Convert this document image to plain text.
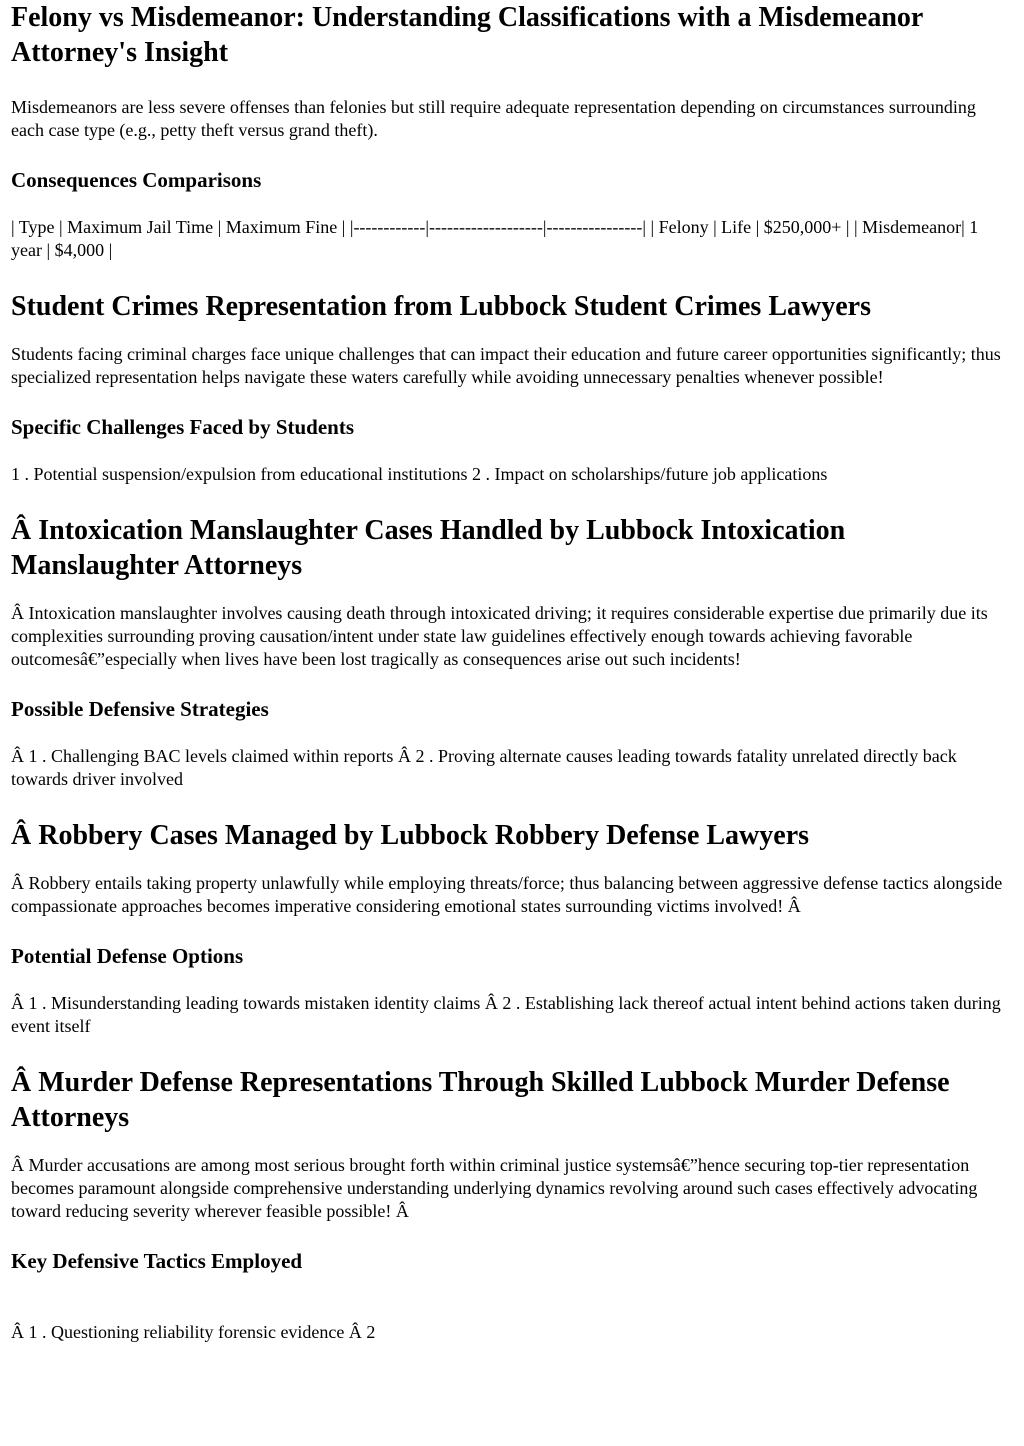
Felony vs Misdemeanor: Understanding Classifications with a Misdemeanor Attorney's Insight

Misdemeanors are less severe offenses than felonies but still require adequate representation depending on circumstances surrounding each case type (e.g., petty theft versus grand theft).

Consequences Comparisons

| Type | Maximum Jail Time | Maximum Fine | |------------|-------------------|----------------| | Felony | Life | $250,000+ | | Misdemeanor| 1 year | $4,000 |

Student Crimes Representation from Lubbock Student Crimes Lawyers

Students facing criminal charges face unique challenges that can impact their education and future career opportunities significantly; thus specialized representation helps navigate these waters carefully while avoiding unnecessary penalties whenever possible!

Specific Challenges Faced by Students

1 . Potential suspension/expulsion from educational institutions 2 . Impact on scholarships/future job applications

Â Intoxication Manslaughter Cases Handled by Lubbock Intoxication Manslaughter Attorneys

Â Intoxication manslaughter involves causing death through intoxicated driving; it requires considerable expertise due primarily due its complexities surrounding proving causation/intent under state law guidelines effectively enough towards achieving favorable outcomesâ€”especially when lives have been lost tragically as consequences arise out such incidents!

Possible Defensive Strategies

Â 1 . Challenging BAC levels claimed within reports Â 2 . Proving alternate causes leading towards fatality unrelated directly back towards driver involved

Â Robbery Cases Managed by Lubbock Robbery Defense Lawyers

Â Robbery entails taking property unlawfully while employing threats/force; thus balancing between aggressive defense tactics alongside compassionate approaches becomes imperative considering emotional states surrounding victims involved! Â

Potential Defense Options

Â 1 . Misunderstanding leading towards mistaken identity claims Â 2 . Establishing lack thereof actual intent behind actions taken during event itself

Â Murder Defense Representations Through Skilled Lubbock Murder Defense Attorneys

Â Murder accusations are among most serious brought forth within criminal justice systemsâ€”hence securing top-tier representation becomes paramount alongside comprehensive understanding underlying dynamics revolving around such cases effectively advocating toward reducing severity wherever feasible possible! Â

Key Defensive Tactics Employed

Â 1 . Questioning reliability forensic evidence Â 2
